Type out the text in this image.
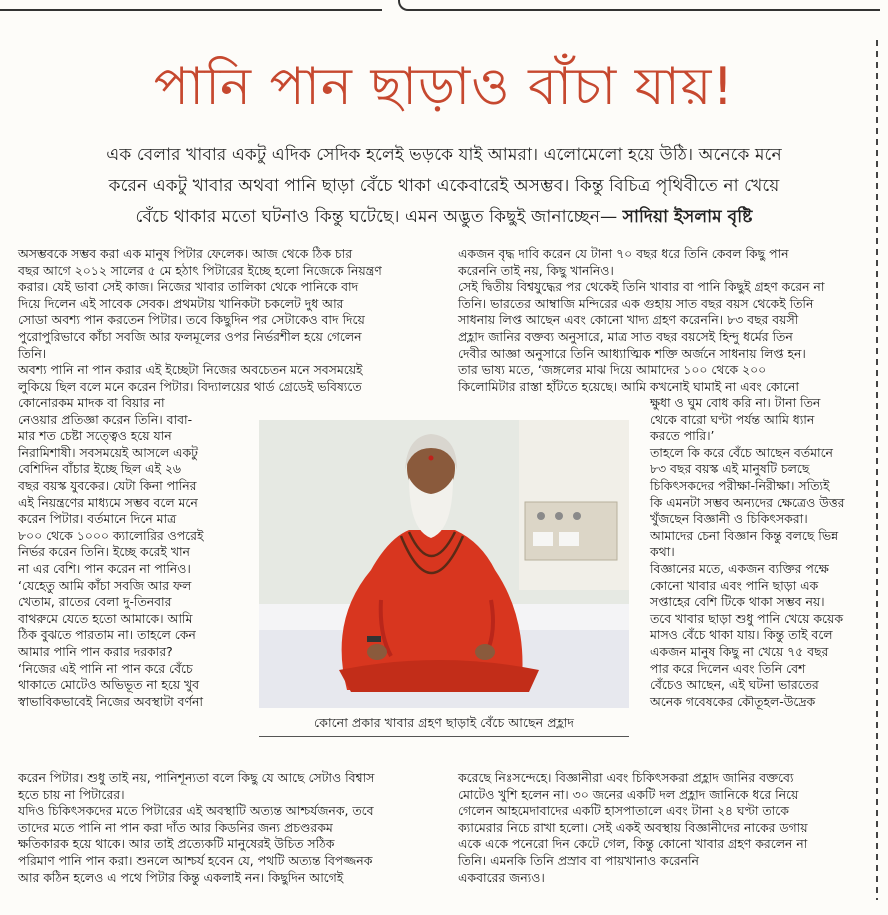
পানি পান ছাড়াও বাঁচা যায়!
এক বেলার খাবার একটু এদিক সেদিক হলেই ভড়কে যাই আমরা। এলোমেলো হয়ে উঠি। অনেকে মনে
করেন একটু খাবার অথবা পানি ছাড়া বেঁচে থাকা একেবারেই অসম্ভব। কিন্তু বিচিত্র পৃথিবীতে না খেয়ে
বেঁচে থাকার মতো ঘটনাও কিন্তু ঘটেছে। এমন অদ্ভুত কিছুই জানাচ্ছেন— সাদিয়া ইসলাম বৃষ্টি

অসম্ভবকে সম্ভব করা এক মানুষ পিটার ফেলেক। আজ থেকে ঠিক চার

বছর আগে ২০১২ সালের ৫ মে হঠাৎ পিটারের ইচ্ছে হলো নিজেকে নিয়ন্ত্রণ

করার। যেই ভাবা সেই কাজ। নিজের খাবার তালিকা থেকে পানিকে বাদ

দিয়ে দিলেন এই সাবেক সেবক। প্রথমটায় খানিকটা চকলেট দুধ আর

সোডা অবশ্য পান করতেন পিটার। তবে কিছুদিন পর সেটাকেও বাদ দিয়ে

পুরোপুরিভাবে কাঁচা সবজি আর ফলমূলের ওপর নির্ভরশীল হয়ে গেলেন

তিনি।

অবশ্য পানি না পান করার এই ইচ্ছেটা নিজের অবচেতন মনে সবসময়েই

লুকিয়ে ছিল বলে মনে করেন পিটার। বিদ্যালয়ের থার্ড গ্রেডেই ভবিষ্যতে

কোনোরকম মাদক বা বিয়ার না

নেওয়ার প্রতিজ্ঞা করেন তিনি। বাবা-

মার শত চেষ্টা সত্ত্বেও হয়ে যান

নিরামিশাষী। সবসময়েই আসলে একটু

বেশিদিন বাঁচার ইচ্ছে ছিল এই ২৬

বছর বয়স্ক যুবকের। যেটা কিনা পানির

এই নিয়ন্ত্রণের মাধ্যমে সম্ভব বলে মনে

করেন পিটার। বর্তমানে দিনে মাত্র

৮০০ থেকে ১০০০ ক্যালোরির ওপরেই

নির্ভর করেন তিনি। ইচ্ছে করেই খান

না এর বেশি। পান করেন না পানিও।

‘যেহেতু আমি কাঁচা সবজি আর ফল

খেতাম, রাতের বেলা দু-তিনবার

বাথরুমে যেতে হতো আমাকে। আমি

ঠিক বুঝতে পারতাম না। তাহলে কেন

আমার পানি পান করার দরকার?

‘নিজের এই পানি না পান করে বেঁচে

থাকাতে মোটেও অভিভূত না হয়ে খুব

স্বাভাবিকভাবেই নিজের অবস্থাটা বর্ণনা

করেন পিটার। শুধু তাই নয়, পানিশূন্যতা বলে কিছু যে আছে সেটাও বিশ্বাস

হতে চায় না পিটারের।

যদিও চিকিৎসকদের মতে পিটারের এই অবস্থাটি অত্যন্ত আশ্চর্যজনক, তবে

তাদের মতে পানি না পান করা দাঁত আর কিডনির জন্য প্রচণ্ডরকম

ক্ষতিকারক হয়ে থাকে। আর তাই প্রত্যেকটি মানুষেরই উচিত সঠিক

পরিমাণ পানি পান করা। শুনলে আশ্চর্য হবেন যে, পথটি অত্যন্ত বিপজ্জনক

আর কঠিন হলেও এ পথে পিটার কিন্তু একলাই নন। কিছুদিন আগেই

একজন বৃদ্ধ দাবি করেন যে টানা ৭০ বছর ধরে তিনি কেবল কিছু পান

করেননি তাই নয়, কিছু খাননিও।

সেই দ্বিতীয় বিশ্বযুদ্ধের পর থেকেই তিনি খাবার বা পানি কিছুই গ্রহণ করেন না

তিনি। ভারতের আম্বাজি মন্দিরের এক গুহায় সাত বছর বয়স থেকেই তিনি

সাধনায় লিপ্ত আছেন এবং কোনো খাদ্য গ্রহণ করেননি। ৮৩ বছর বয়সী

প্রহ্লাদ জানির বক্তব্য অনুসারে, মাত্র সাত বছর বয়সেই হিন্দু ধর্মের তিন

দেবীর আজ্ঞা অনুসারে তিনি আধ্যাত্মিক শক্তি অর্জনে সাধনায় লিপ্ত হন।

তার ভাষ্য মতে, ‘জঙ্গলের মাঝ দিয়ে আমাদের ১০০ থেকে ২০০

কিলোমিটার রাস্তা হাঁটতে হয়েছে। আমি কখনোই ঘামাই না এবং কোনো

ক্ষুধা ও ঘুম বোধ করি না। টানা তিন

থেকে বারো ঘণ্টা পর্যন্ত আমি ধ্যান

করতে পারি।’

তাহলে কি করে বেঁচে আছেন বর্তমানে

৮৩ বছর বয়স্ক এই মানুষটি চলছে

চিকিৎসকদের পরীক্ষা-নিরীক্ষা। সত্যিই

কি এমনটা সম্ভব অন্যদের ক্ষেত্রেও উত্তর

খুঁজছেন বিজ্ঞানী ও চিকিৎসকরা।

আমাদের চেনা বিজ্ঞান কিন্তু বলছে ভিন্ন

কথা।

বিজ্ঞানের মতে, একজন ব্যক্তির পক্ষে

কোনো খাবার এবং পানি ছাড়া এক

সপ্তাহের বেশি টিকে থাকা সম্ভব নয়।

তবে খাবার ছাড়া শুধু পানি খেয়ে কয়েক

মাসও বেঁচে থাকা যায়। কিন্তু তাই বলে

একজন মানুষ কিছু না খেয়ে ৭৫ বছর

পার করে দিলেন এবং তিনি বেশ

বেঁচেও আছেন, এই ঘটনা ভারতের

অনেক গবেষকের কৌতূহল-উদ্রেক

করেছে নিঃসন্দেহে। বিজ্ঞানীরা এবং চিকিৎসকরা প্রহ্লাদ জানির বক্তব্যে

মোটেও খুশি হলেন না। ৩০ জনের একটি দল প্রহ্লাদ জানিকে ধরে নিয়ে

গেলেন আহমেদাবাদের একটি হাসপাতালে এবং টানা ২৪ ঘণ্টা তাকে

ক্যামেরার নিচে রাখা হলো। সেই একই অবস্থায় বিজ্ঞানীদের নাকের ডগায়

একে একে পনেরো দিন কেটে গেল, কিন্তু কোনো খাবার গ্রহণ করলেন না

তিনি। এমনকি তিনি প্রস্রাব বা পায়খানাও করেননি

একবারের জন্যও।

কোনো প্রকার খাবার গ্রহণ ছাড়াই বেঁচে আছেন প্রহ্লাদ
